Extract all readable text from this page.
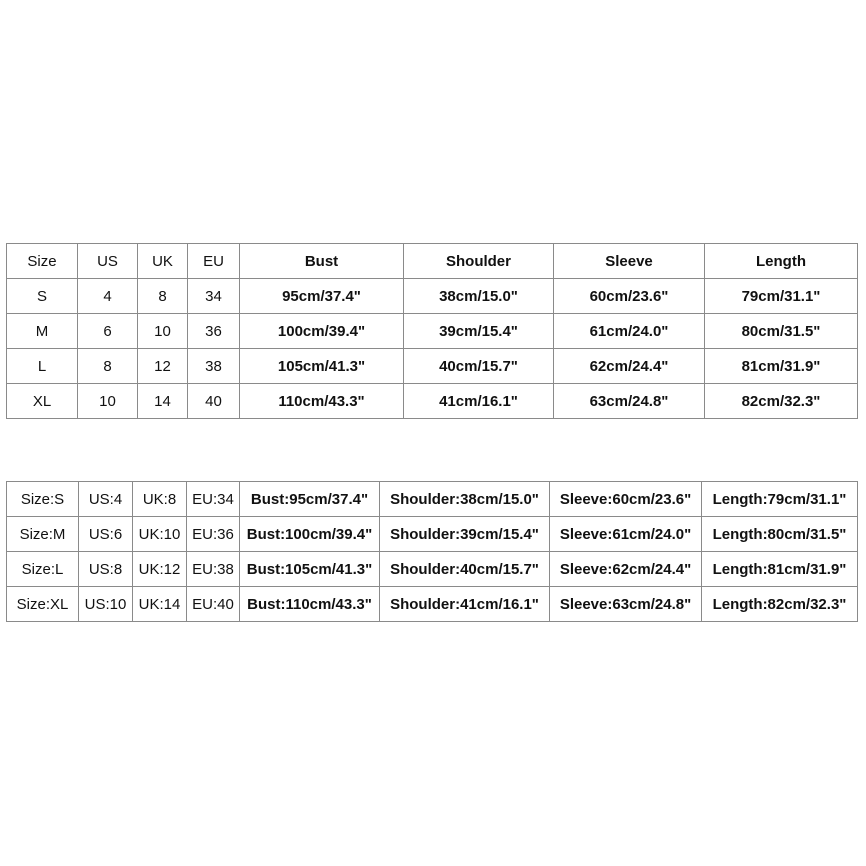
Size	US	UK	EU	Bust	Shoulder	Sleeve	Length
S	4	8	34	95cm/37.4"	38cm/15.0"	60cm/23.6"	79cm/31.1"
M	6	10	36	100cm/39.4"	39cm/15.4"	61cm/24.0"	80cm/31.5"
L	8	12	38	105cm/41.3"	40cm/15.7"	62cm/24.4"	81cm/31.9"
XL	10	14	40	110cm/43.3"	41cm/16.1"	63cm/24.8"	82cm/32.3"
Size:S	US:4	UK:8	EU:34	Bust:95cm/37.4"	Shoulder:38cm/15.0"	Sleeve:60cm/23.6"	Length:79cm/31.1"
Size:M	US:6	UK:10	EU:36	Bust:100cm/39.4"	Shoulder:39cm/15.4"	Sleeve:61cm/24.0"	Length:80cm/31.5"
Size:L	US:8	UK:12	EU:38	Bust:105cm/41.3"	Shoulder:40cm/15.7"	Sleeve:62cm/24.4"	Length:81cm/31.9"
Size:XL	US:10	UK:14	EU:40	Bust:110cm/43.3"	Shoulder:41cm/16.1"	Sleeve:63cm/24.8"	Length:82cm/32.3"
